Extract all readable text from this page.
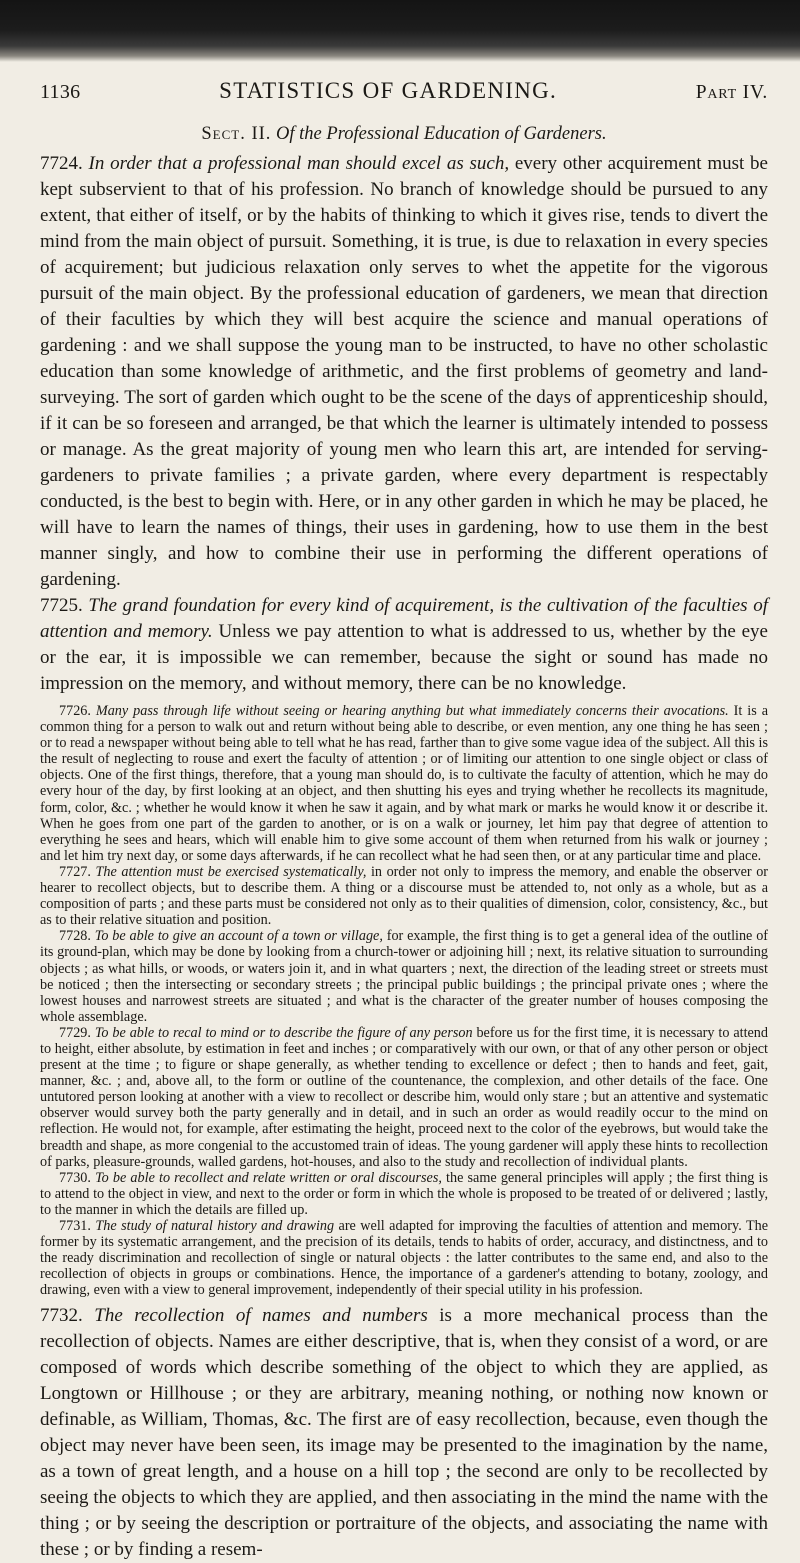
1136	STATISTICS OF GARDENING.	Part IV.
Sect. II. Of the Professional Education of Gardeners.

7724. In order that a professional man should excel as such, every other acquirement must be kept subservient to that of his profession. No branch of knowledge should be pursued to any extent, that either of itself, or by the habits of thinking to which it gives rise, tends to divert the mind from the main object of pursuit. Something, it is true, is due to relaxation in every species of acquirement; but judicious relaxation only serves to whet the appetite for the vigorous pursuit of the main object. By the professional education of gardeners, we mean that direction of their faculties by which they will best acquire the science and manual operations of gardening : and we shall suppose the young man to be instructed, to have no other scholastic education than some knowledge of arithmetic, and the first problems of geometry and land-surveying. The sort of garden which ought to be the scene of the days of apprenticeship should, if it can be so foreseen and arranged, be that which the learner is ultimately intended to possess or manage. As the great majority of young men who learn this art, are intended for serving-gardeners to private families ; a private garden, where every department is respectably conducted, is the best to begin with. Here, or in any other garden in which he may be placed, he will have to learn the names of things, their uses in gardening, how to use them in the best manner singly, and how to combine their use in performing the different operations of gardening.

7725. The grand foundation for every kind of acquirement, is the cultivation of the faculties of attention and memory. Unless we pay attention to what is addressed to us, whether by the eye or the ear, it is impossible we can remember, because the sight or sound has made no impression on the memory, and without memory, there can be no knowledge.

7726. Many pass through life without seeing or hearing anything but what immediately concerns their avocations. It is a common thing for a person to walk out and return without being able to describe, or even mention, any one thing he has seen ; or to read a newspaper without being able to tell what he has read, farther than to give some vague idea of the subject. All this is the result of neglecting to rouse and exert the faculty of attention ; or of limiting our attention to one single object or class of objects. One of the first things, therefore, that a young man should do, is to cultivate the faculty of attention, which he may do every hour of the day, by first looking at an object, and then shutting his eyes and trying whether he recollects its magnitude, form, color, &c. ; whether he would know it when he saw it again, and by what mark or marks he would know it or describe it. When he goes from one part of the garden to another, or is on a walk or journey, let him pay that degree of attention to everything he sees and hears, which will enable him to give some account of them when returned from his walk or journey ; and let him try next day, or some days afterwards, if he can recollect what he had seen then, or at any particular time and place.

7727. The attention must be exercised systematically, in order not only to impress the memory, and enable the observer or hearer to recollect objects, but to describe them. A thing or a discourse must be attended to, not only as a whole, but as a composition of parts ; and these parts must be considered not only as to their qualities of dimension, color, consistency, &c., but as to their relative situation and position.

7728. To be able to give an account of a town or village, for example, the first thing is to get a general idea of the outline of its ground-plan, which may be done by looking from a church-tower or adjoining hill ; next, its relative situation to surrounding objects ; as what hills, or woods, or waters join it, and in what quarters ; next, the direction of the leading street or streets must be noticed ; then the intersecting or secondary streets ; the principal public buildings ; the principal private ones ; where the lowest houses and narrowest streets are situated ; and what is the character of the greater number of houses composing the whole assemblage.

7729. To be able to recal to mind or to describe the figure of any person before us for the first time, it is necessary to attend to height, either absolute, by estimation in feet and inches ; or comparatively with our own, or that of any other person or object present at the time ; to figure or shape generally, as whether tending to excellence or defect ; then to hands and feet, gait, manner, &c. ; and, above all, to the form or outline of the countenance, the complexion, and other details of the face. One untutored person looking at another with a view to recollect or describe him, would only stare ; but an attentive and systematic observer would survey both the party generally and in detail, and in such an order as would readily occur to the mind on reflection. He would not, for example, after estimating the height, proceed next to the color of the eyebrows, but would take the breadth and shape, as more congenial to the accustomed train of ideas. The young gardener will apply these hints to recollection of parks, pleasure-grounds, walled gardens, hot-houses, and also to the study and recollection of individual plants.

7730. To be able to recollect and relate written or oral discourses, the same general principles will apply ; the first thing is to attend to the object in view, and next to the order or form in which the whole is proposed to be treated of or delivered ; lastly, to the manner in which the details are filled up.

7731. The study of natural history and drawing are well adapted for improving the faculties of attention and memory. The former by its systematic arrangement, and the precision of its details, tends to habits of order, accuracy, and distinctness, and to the ready discrimination and recollection of single or natural objects : the latter contributes to the same end, and also to the recollection of objects in groups or combinations. Hence, the importance of a gardener's attending to botany, zoology, and drawing, even with a view to general improvement, independently of their special utility in his profession.

7732. The recollection of names and numbers is a more mechanical process than the recollection of objects. Names are either descriptive, that is, when they consist of a word, or are composed of words which describe something of the object to which they are applied, as Longtown or Hillhouse ; or they are arbitrary, meaning nothing, or nothing now known or definable, as William, Thomas, &c. The first are of easy recollection, because, even though the object may never have been seen, its image may be presented to the imagination by the name, as a town of great length, and a house on a hill top ; the second are only to be recollected by seeing the objects to which they are applied, and then associating in the mind the name with the thing ; or by seeing the description or portraiture of the objects, and associating the name with these ; or by finding a resem-
